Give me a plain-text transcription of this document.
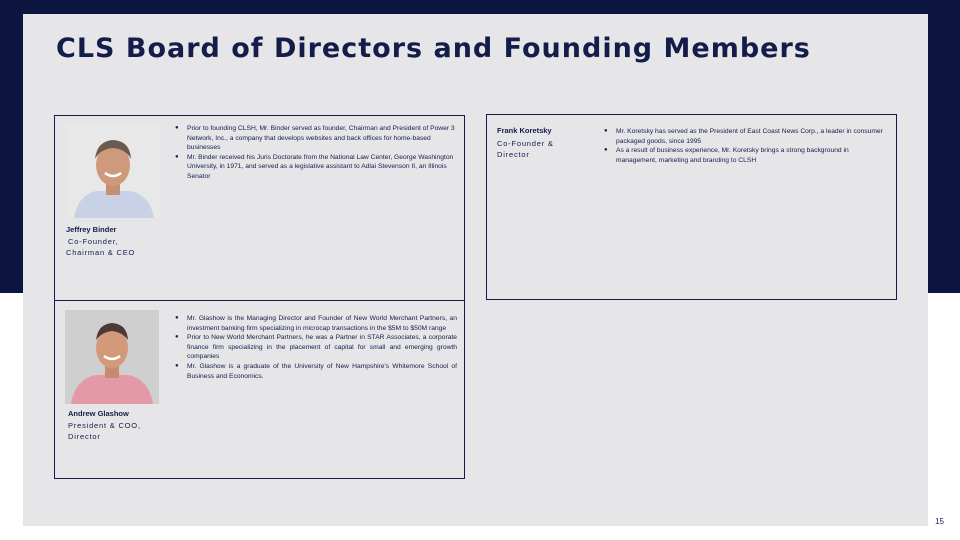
CLS Board of Directors and Founding Members
Jeffrey Binder
Co-Founder,
Chairman & CEO
● Prior to founding CLSH, Mr. Binder served as founder, Chairman and President of Power 3 Network, Inc., a company that develops websites and back offices for home-based businesses
● Mr. Binder received his Juris Doctorate from the National Law Center, George Washington University, in 1971, and served as a legislative assistant to Adlai Stevenson II, an Illinois Senator
Andrew Glashow
President & COO,
Director
● Mr. Glashow is the Managing Director and Founder of New World Merchant Partners, an investment banking firm specializing in microcap transactions in the $5M to $50M range
● Prior to New World Merchant Partners, he was a Partner in STAR Associates, a corporate finance firm specializing in the placement of capital for small and emerging growth companies
● Mr. Glashow is a graduate of the University of New Hampshire's Whitemore School of Business and Economics.
Frank Koretsky
Co-Founder &
Director
● Mr. Koretsky has served as the President of East Coast News Corp., a leader in consumer packaged goods, since 1995
● As a result of business experience, Mr. Koretsky brings a strong background in management, marketing and branding to CLSH
15
